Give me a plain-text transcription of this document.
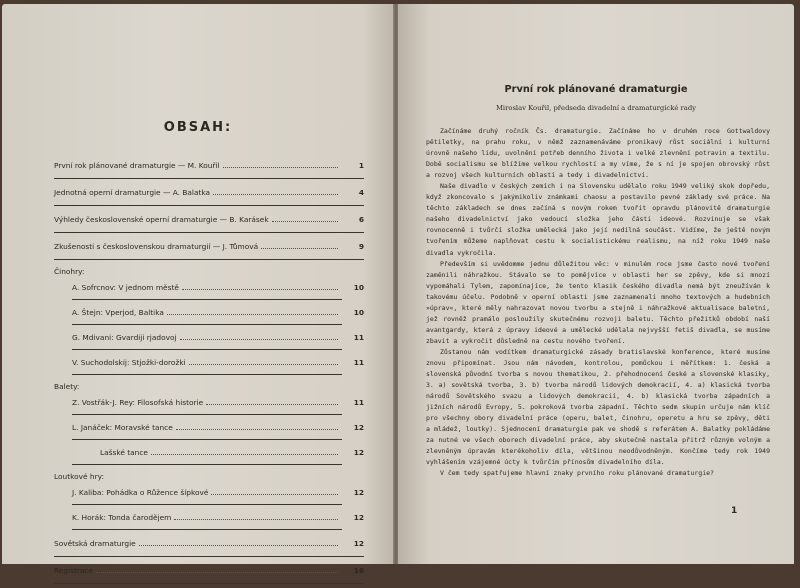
OBSAH:
První rok plánované dramaturgie — M. Kouřil	1
Jednotná operní dramaturgie — A. Balatka	4
Výhledy československé operní dramaturgie — B. Karásek	6
Zkušenosti s československou dramaturgií — J. Tůmová	9
Činohry:
A. Sofrcnov: V jednom městě	10
A. Štejn: Vperjod, Baltika	10
G. Mdivani: Gvardiji rjadovoj	11
V. Suchodolskij: Stjožki-dorožki	11
Balety:
Z. Vostřák-J. Rey: Filosofská historie	11
L. Janáček: Moravské tance	12
Lašské tance	12
Loutkové hry:
J. Kaliba: Pohádka o Růžence šípkové	12
K. Horák: Tonda čarodějem	12
Sovětská dramaturgie	12
Registrace	16
První rok plánované dramaturgie
Miroslav Kouřil, předseda divadelní a dramaturgické rady

Začínáme druhý ročník Čs. dramaturgie. Začínáme ho v druhém roce Gottwaldovy pětiletky, na prahu roku, v němž zaznamenáváme pronikavý růst sociální i kulturní úrovně našeho lidu, uvolnění potřeb denního života i velké zlevnění potravin a textilu. Době socialismu se blížíme velkou rychlostí a my víme, že s ní je spojen obrovský růst a rozvoj všech kulturních oblastí a tedy i divadelnictví.

Naše divadlo v českých zemích i na Slovensku udělalo roku 1949 veliký skok dopředu, když zkoncovalo s jakýmikoliv známkami chaosu a postavilo pevné základy své práce. Na těchto základech se dnes začíná s novým rokem tvořit opravdu plánovitě dramaturgie našeho divadelnictví jako vedoucí složka jeho části ideové. Rozvinuje se však rovnocenně i tvůrčí složka umělecká jako její nedílná součást. Vidíme, že ještě novým tvořením můžeme naplňovat cestu k socialistickému realismu, na níž roku 1949 naše divadla vykročila.

Především si uvědomme jednu důležitou věc: v minulém roce jsme často nové tvoření zaměnili náhražkou. Stávalo se to pomějvíce v oblasti her se zpěvy, kde si mnozí vypomáhali Tylem, zapomínajíce, že tento klasik českého divadla nemá být zneužíván k takovému účelu. Podobně v operní oblasti jsme zaznamenali mnoho textových a hudebních »úprav«, které měly nahrazovat novou tvorbu a stejně i náhražkové aktualisace baletní, jež rovněž pramálo posloužily skutečnému rozvoji baletu. Těchto přežitků období naší avantgardy, která z úpravy ideové a umělecké udělala nejvyšší fetiš divadla, se musíme zbavit a vykročit důsledně na cestu nového tvoření.

Zůstanou nám vodítkem dramaturgické zásady bratislavské konference, které musíme znovu připomínat. Jsou nám návodem, kontrolou, pomůckou i měřítkem: 1. česká a slovenská původní tvorba s novou thematikou, 2. přehodnocení české a slovenské klasiky, 3. a) sovětská tvorba, 3. b) tvorba národů lidových demokracií, 4. a) klasická tvorba národů Sovětského svazu a lidových demokracií, 4. b) klasická tvorba západních a jižních národů Evropy, 5. pokroková tvorba západní. Těchto sedm skupin určuje nám klíč pro všechny obory divadelní práce (operu, balet, činohru, operetu a hru se zpěvy, děti a mládež, loutky). Sjednocení dramaturgie pak ve shodě s referátem A. Balatky pokládáme za nutné ve všech oborech divadelní práce, aby skutečně nastala přitrž různým volným a zlevněným úpravám kterékoholiv díla, většinou neodůvodněným. Končíme tedy rok 1949 vyhlášením vzájemné úcty k tvůrčím přínosům divadelního díla.

V čem tedy spatřujeme hlavní znaky prvního roku plánované dramaturgie?

1
